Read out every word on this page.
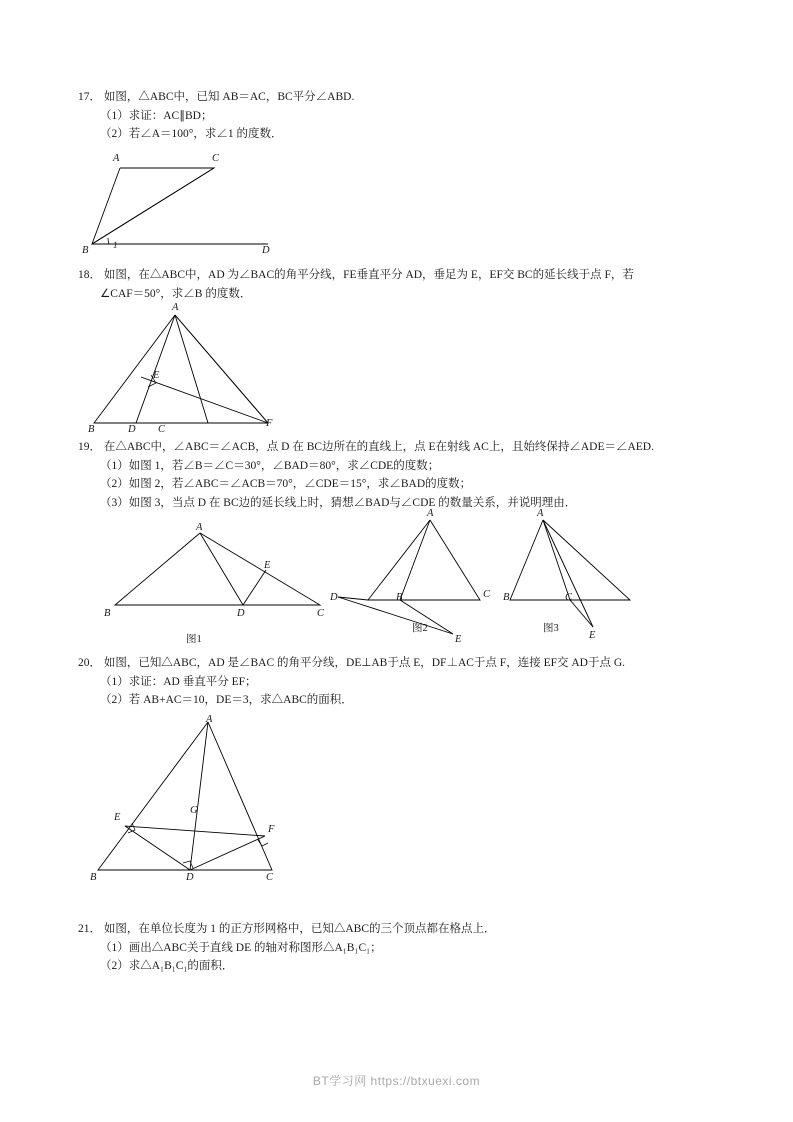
17． 如图，△ABC中，已知 AB＝AC，BC平分∠ABD.
（1）求证：AC∥BD；
（2）若∠A＝100°，求∠1 的度数．
A	C
B	D
1
18． 如图，在△ABC中，AD 为∠BAC的角平分线，FE垂直平分 AD，垂足为 E，EF交 BC的延长线于点 F，若
∠CAF＝50°，求∠B 的度数．
A
E
B	D C
F
19． 在△ABC中，∠ABC＝∠ACB，点 D 在 BC边所在的直线上，点 E在射线 AC上，且始终保持∠ADE＝∠AED.
（1）如图 1，若∠B＝∠C＝30°，∠BAD＝80°，求∠CDE的度数；
（2）如图 2，若∠ABC＝∠ACB＝70°，∠CDE＝15°，求∠BAD的度数；
（3）如图 3，当点 D 在 BC边的延长线上时，猜想∠BAD与∠CDE 的数量关系，并说明理由．
A
E
B	D	C
图1
A
C
D	B
E
图2
A
B	C
E
图3
20． 如图，已知△ABC，AD 是∠BAC 的角平分线，DE⊥AB于点 E，DF⊥AC于点 F，连接 EF交 AD于点 G.
（1）求证：AD 垂直平分 EF；
（2）若 AB+AC＝10，DE＝3，求△ABC的面积．
A
E
G
F
B	D	C
21． 如图，在单位长度为 1 的正方形网格中，已知△ABC的三个顶点都在格点上．
（1）画出△ABC关于直线 DE 的轴对称图形△A₁B₁C₁；
（2）求△A₁B₁C₁的面积．
BT学习网 https://btxuexi.com
